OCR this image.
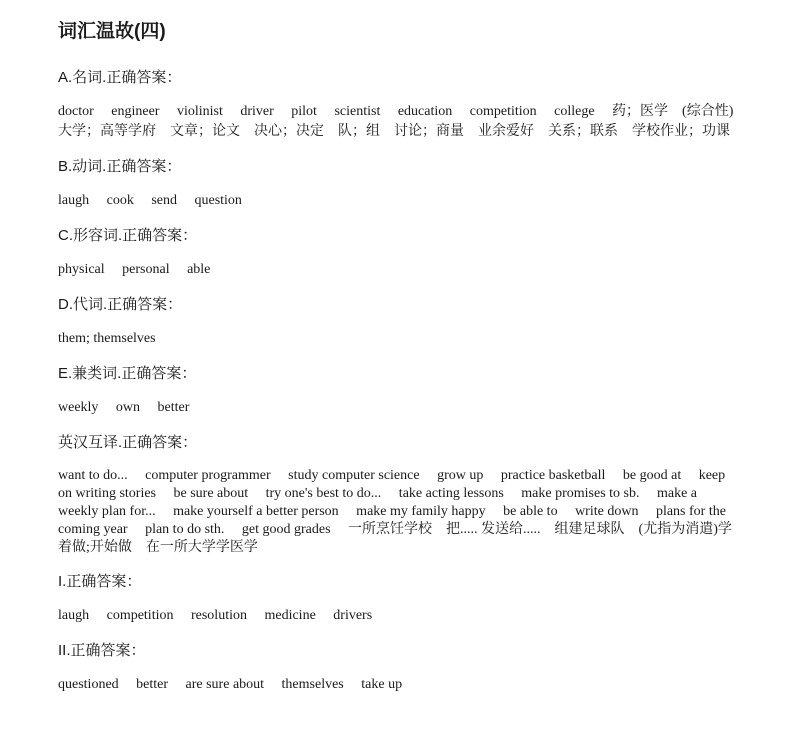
词汇温故(四)
A.名词.正确答案：
doctor　 engineer　 violinist　 driver　 pilot　 scientist　 education　 competition　 college　 药；医学　(综合性)大学；高等学府　文章；论文　决心；决定　队；组　讨论；商量　业余爱好　关系；联系　学校作业；功课
B.动词.正确答案：
laugh　 cook　 send　 question
C.形容词.正确答案：
physical　 personal　 able
D.代词.正确答案：
them; themselves
E.兼类词.正确答案：
weekly　 own　 better
英汉互译.正确答案：
want to do...　 computer programmer　 study computer science　 grow up　 practice basketball　 be good at　 keep on writing stories　 be sure about　 try one's best to do...　 take acting lessons　 make promises to sb.　 make a weekly plan for...　 make yourself a better person　 make my family happy　 be able to　 write down　 plans for the coming year　 plan to do sth.　 get good grades　 一所烹饪学校　把..... 发送给.....　组建足球队　(尤指为消遣)学着做;开始做　在一所大学学医学
I.正确答案：
laugh　 competition　 resolution　 medicine　 drivers
II.正确答案：
questioned　 better　 are sure about　 themselves　 take up
